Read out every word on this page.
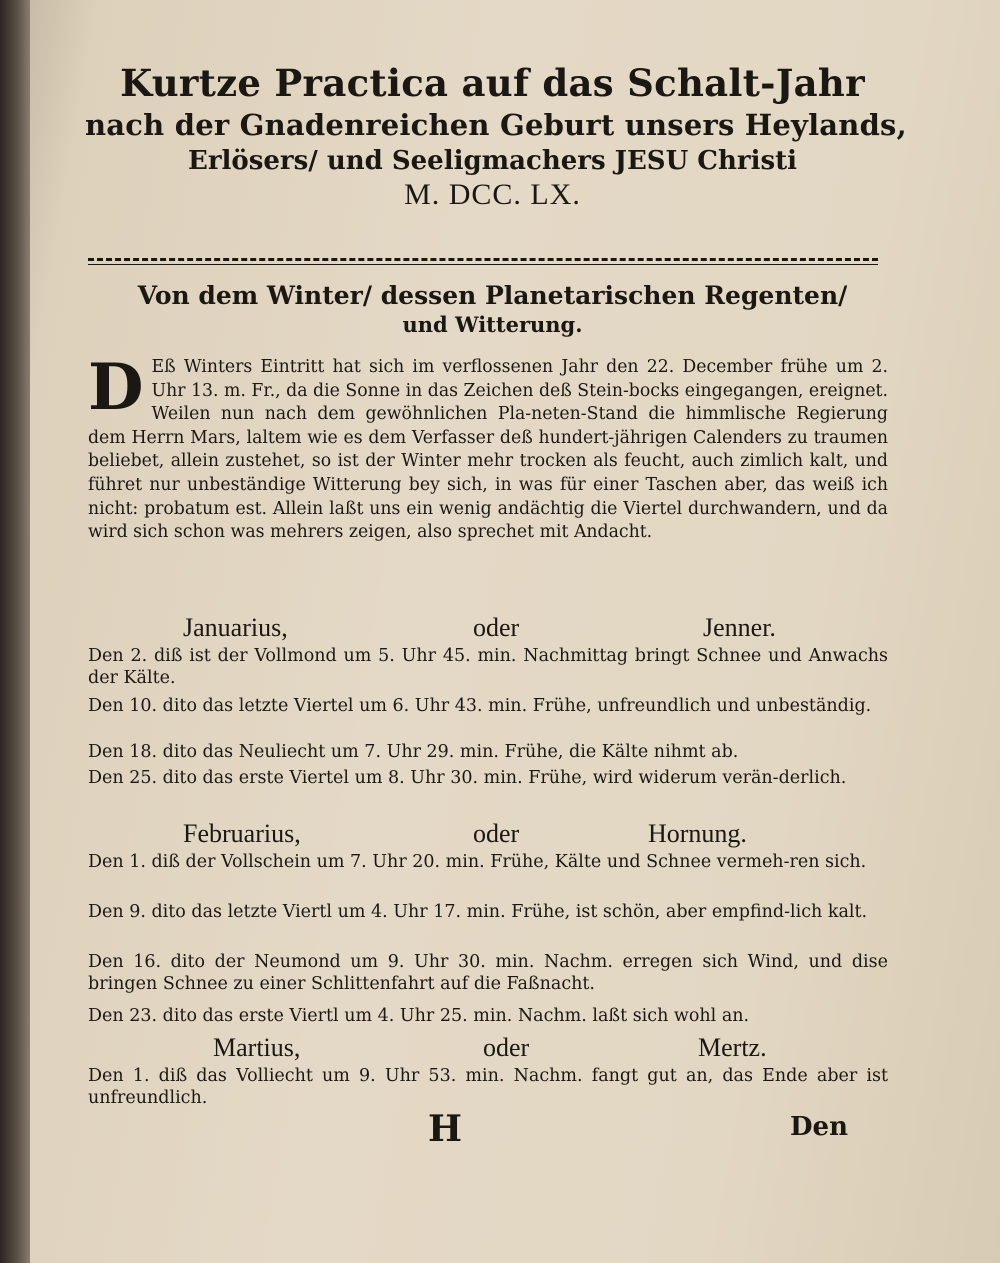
Kurtze Practica auf das Schalt-Jahr
nach der Gnadenreichen Geburt unsers Heylands,
Erlösers/ und Seeligmachers JESU Christi
M. DCC. LX.
Von dem Winter/ dessen Planetarischen Regenten/
und Witterung.
D Eß Winters Eintritt hat sich im verflossenen Jahr den 22. December frühe um 2. Uhr 13. m. Fr., da die Sonne in das Zeichen deß Stein-bocks eingegangen, ereignet. Weilen nun nach dem gewöhnlichen Pla-neten-Stand die himmlische Regierung dem Herrn Mars, laltem wie es dem Verfasser deß hundert-jährigen Calenders zu traumen beliebet, allein zustehet, so ist der Winter mehr trocken als feucht, auch zimlich kalt, und führet nur unbeständige Witterung bey sich, in was für einer Taschen aber, das weiß ich nicht: probatum est. Allein laßt uns ein wenig andächtig die Viertel durchwandern, und da wird sich schon was mehrers zeigen, also sprechet mit Andacht.
Januarius,	oder	Jenner.
Den 2. diß ist der Vollmond um 5. Uhr 45. min. Nachmittag bringt Schnee und Anwachs der Kälte.
Den 10. dito das letzte Viertel um 6. Uhr 43. min. Frühe, unfreundlich und unbeständig.
Den 18. dito das Neuliecht um 7. Uhr 29. min. Frühe, die Kälte nihmt ab.
Den 25. dito das erste Viertel um 8. Uhr 30. min. Frühe, wird widerum verän-derlich.
Februarius,	oder	Hornung.
Den 1. diß der Vollschein um 7. Uhr 20. min. Frühe, Kälte und Schnee vermeh-ren sich.
Den 9. dito das letzte Viertl um 4. Uhr 17. min. Frühe, ist schön, aber empfind-lich kalt.
Den 16. dito der Neumond um 9. Uhr 30. min. Nachm. erregen sich Wind, und dise bringen Schnee zu einer Schlittenfahrt auf die Faßnacht.
Den 23. dito das erste Viertl um 4. Uhr 25. min. Nachm. laßt sich wohl an.
Martius,	oder	Mertz.
Den 1. diß das Volliecht um 9. Uhr 53. min. Nachm. fangt gut an, das Ende aber ist unfreundlich.
H	Den
